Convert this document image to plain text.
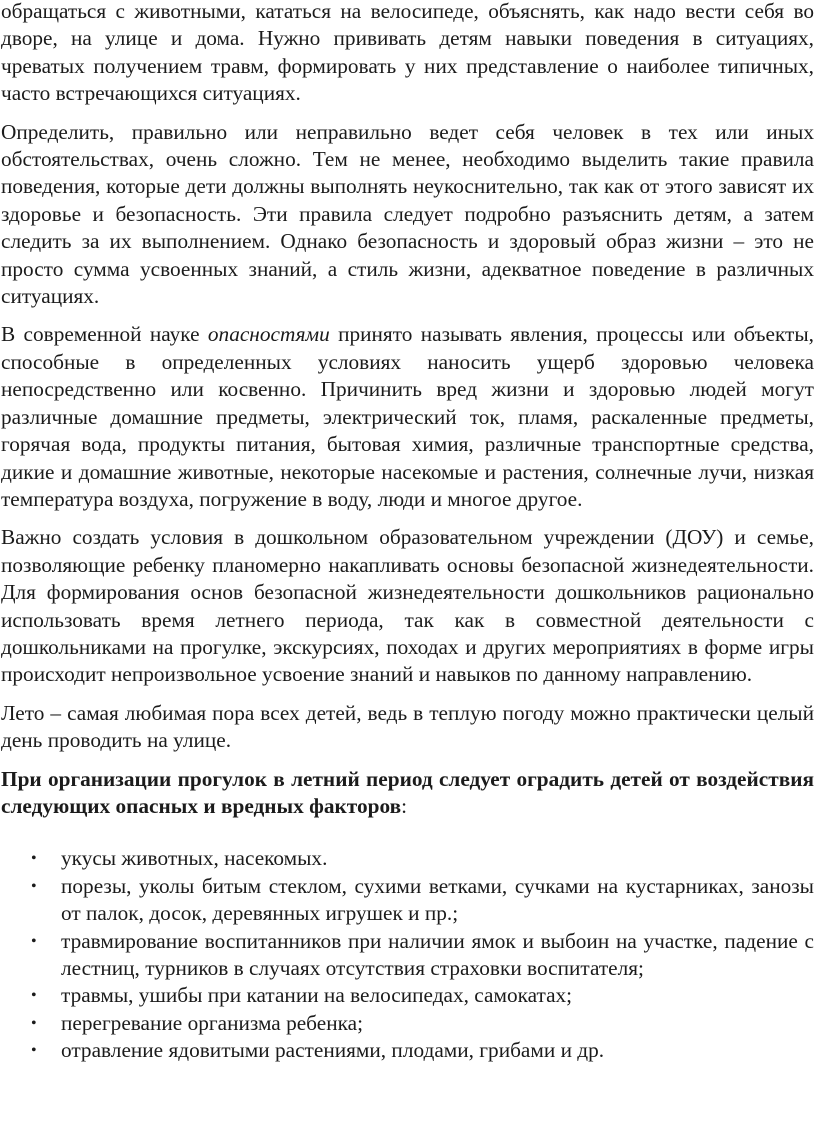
обращаться с животными, кататься на велосипеде, объяснять, как надо вести себя во дворе, на улице и дома. Нужно прививать детям навыки поведения в ситуациях, чреватых получением травм, формировать у них представление о наиболее типичных, часто встречающихся ситуациях.

Определить, правильно или неправильно ведет себя человек в тех или иных обстоятельствах, очень сложно. Тем не менее, необходимо выделить такие правила поведения, которые дети должны выполнять неукоснительно, так как от этого зависят их здоровье и безопасность. Эти правила следует подробно разъяснить детям, а затем следить за их выполнением. Однако безопасность и здоровый образ жизни – это не просто сумма усвоенных знаний, а стиль жизни, адекватное поведение в различных ситуациях.

В современной науке опасностями принято называть явления, процессы или объекты, способные в определенных условиях наносить ущерб здоровью человека непосредственно или косвенно. Причинить вред жизни и здоровью людей могут различные домашние предметы, электрический ток, пламя, раскаленные предметы, горячая вода, продукты питания, бытовая химия, различные транспортные средства, дикие и домашние животные, некоторые насекомые и растения, солнечные лучи, низкая температура воздуха, погружение в воду, люди и многое другое.

Важно создать условия в дошкольном образовательном учреждении (ДОУ) и семье, позволяющие ребенку планомерно накапливать основы безопасной жизнедеятельности. Для формирования основ безопасной жизнедеятельности дошкольников рационально использовать время летнего периода, так как в совместной деятельности с дошкольниками на прогулке, экскурсиях, походах и других мероприятиях в форме игры происходит непроизвольное усвоение знаний и навыков по данному направлению.

Лето – самая любимая пора всех детей, ведь в теплую погоду можно практически целый день проводить на улице.

При организации прогулок в летний период следует оградить детей от воздействия следующих опасных и вредных факторов:

• укусы животных, насекомых.
• порезы, уколы битым стеклом, сухими ветками, сучками на кустарниках, занозы от палок, досок, деревянных игрушек и пр.;
• травмирование воспитанников при наличии ямок и выбоин на участке, падение с лестниц, турников в случаях отсутствия страховки воспитателя;
• травмы, ушибы при катании на велосипедах, самокатах;
• перегревание организма ребенка;
• отравление ядовитыми растениями, плодами, грибами и др.
